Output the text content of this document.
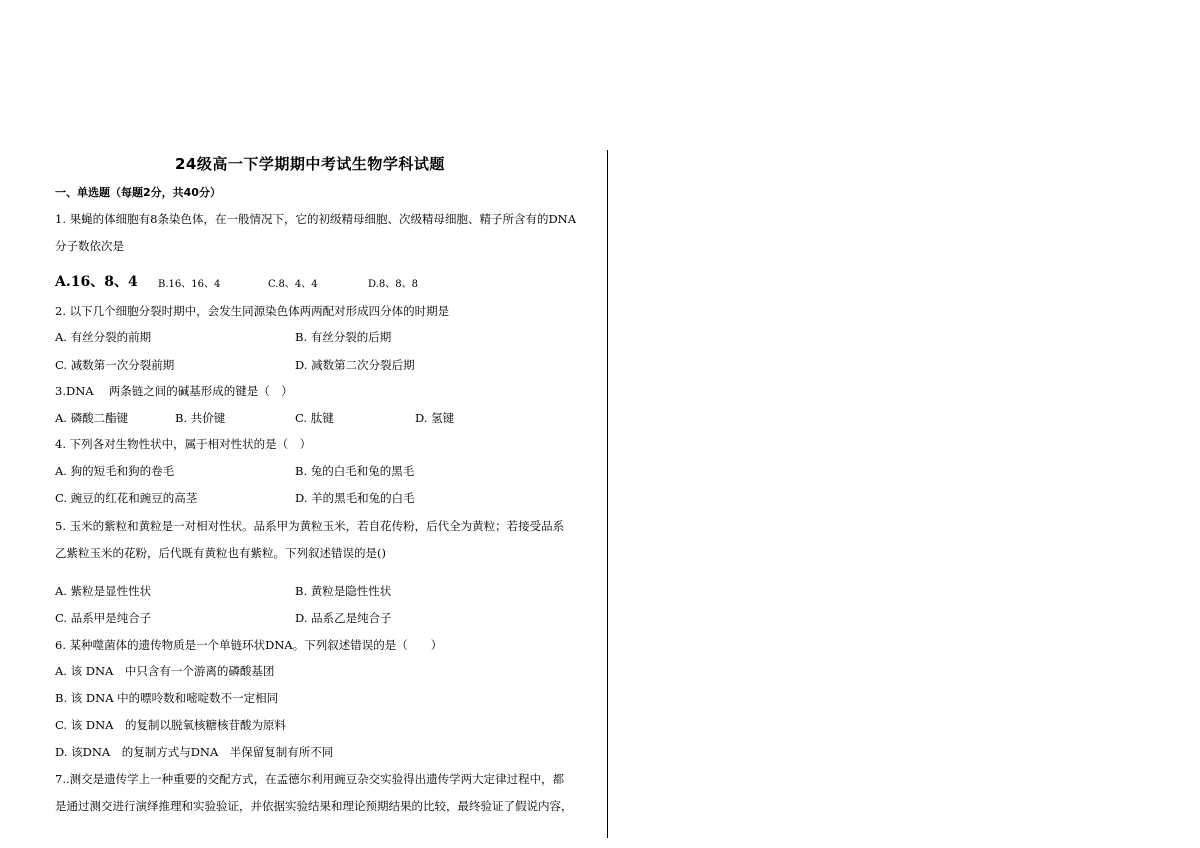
24级高一下学期期中考试生物学科试题
一、单选题（每题2分，共40分）
1. 果蝇的体细胞有8条染色体，在一般情况下，它的初级精母细胞、次级精母细胞、精子所含有的DNA
分子数依次是
A.16、8、4 B.16、16、4	C.8、4、4	D.8、8、8
2. 以下几个细胞分裂时期中，会发生同源染色体两两配对形成四分体的时期是
A. 有丝分裂的前期	B. 有丝分裂的后期
C. 减数第一次分裂前期	D. 减数第二次分裂后期
3.DNA　 两条链之间的碱基形成的键是（　）
A. 磷酸二酯键	B. 共价键	C. 肽键	D. 氢键
4. 下列各对生物性状中，属于相对性状的是（　）
A. 狗的短毛和狗的卷毛	B. 兔的白毛和兔的黑毛
C. 豌豆的红花和豌豆的高茎	D. 羊的黑毛和兔的白毛
5. 玉米的紫粒和黄粒是一对相对性状。品系甲为黄粒玉米，若自花传粉，后代全为黄粒；若接受品系
乙紫粒玉米的花粉，后代既有黄粒也有紫粒。下列叙述错误的是()
A. 紫粒是显性性状	B. 黄粒是隐性性状
C. 品系甲是纯合子	D. 品系乙是纯合子
6. 某种噬菌体的遗传物质是一个单链环状DNA。下列叙述错误的是（　　）
A. 该 DNA　中只含有一个游离的磷酸基团
B. 该 DNA 中的嘌呤数和嘧啶数不一定相同
C. 该 DNA　的复制以脱氧核糖核苷酸为原料
D. 该DNA　的复制方式与DNA　半保留复制有所不同
7..测交是遗传学上一种重要的交配方式，在孟德尔利用豌豆杂交实验得出遗传学两大定律过程中，都
是通过测交进行演绎推理和实验验证，并依据实验结果和理论预期结果的比较，最终验证了假说内容，
